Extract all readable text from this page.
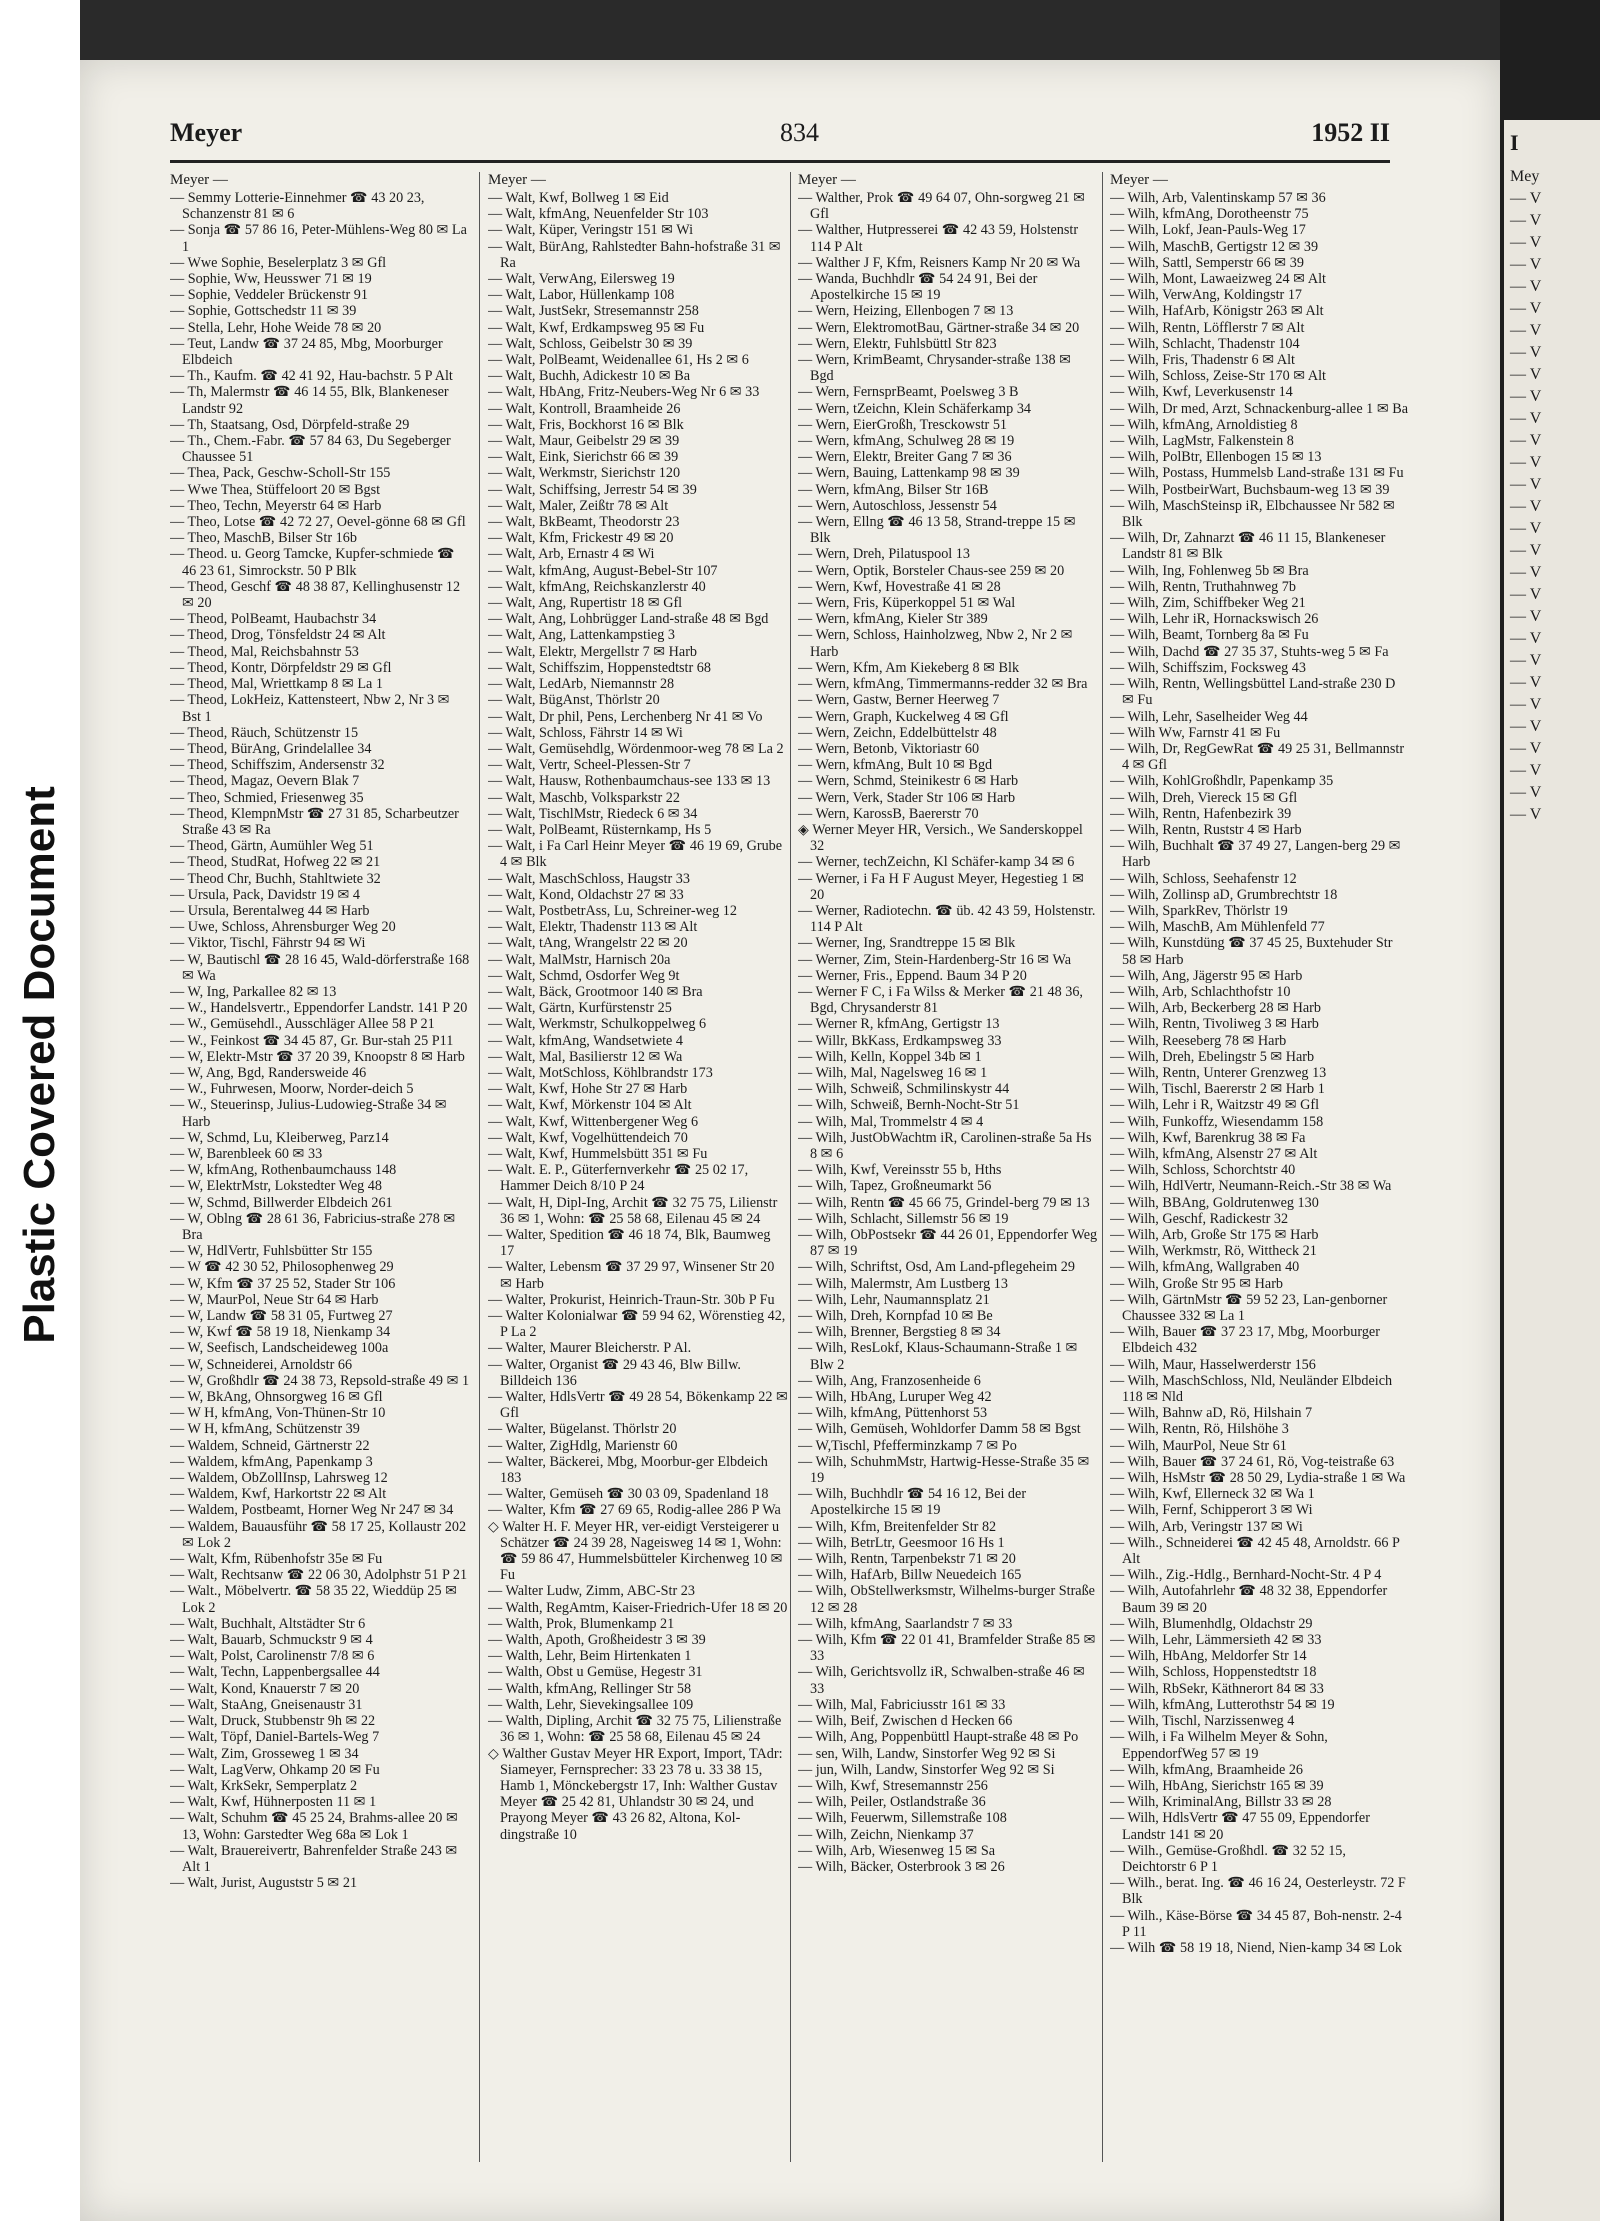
Plastic Covered Document
I
Mey
— V
— V
— V
— V
— V
— V
— V
— V
— V
— V
— V
— V
— V
— V
— V
— V
— V
— V
— V
— V
— V
— V
— V
— V
— V
— V
— V
— V
— V
Meyer	834	1952 II
Meyer —

— Semmy Lotterie-Einnehmer ☎ 43 20 23, Schanzenstr 81 ✉ 6

— Sonja ☎ 57 86 16, Peter-Mühlens-Weg 80 ✉ La 1

— Wwe Sophie, Beselerplatz 3 ✉ Gfl

— Sophie, Ww, Heusswег 71 ✉ 19

— Sophie, Veddeler Brückenstr 91

— Sophie, Gottschedstr 11 ✉ 39

— Stella, Lehr, Hohe Weide 78 ✉ 20

— Teut, Landw ☎ 37 24 85, Mbg, Moorburger Elbdeich

— Th., Kaufm. ☎ 42 41 92, Hau-bachstr. 5 P Alt

— Th, Malermstr ☎ 46 14 55, Blk, Blankeneser Landstr 92

— Th, Staatsang, Osd, Dörpfeld-straße 29

— Th., Chem.-Fabr. ☎ 57 84 63, Du Segeberger Chaussee 51

— Thea, Pack, Geschw-Scholl-Str 155

— Wwe Thea, Stüffeloort 20 ✉ Bgst

— Theo, Techn, Meyerstr 64 ✉ Harb

— Theo, Lotse ☎ 42 72 27, Oevel-gönne 68 ✉ Gfl

— Theo, MaschB, Bilser Str 16b

— Theod. u. Georg Tamcke, Kupfer-schmiede ☎ 46 23 61, Simrockstr. 50 P Blk

— Theod, Geschf ☎ 48 38 87, Kellinghusenstr 12 ✉ 20

— Theod, PolBeamt, Haubachstr 34

— Theod, Drog, Tönsfeldstr 24 ✉ Alt

— Theod, Mal, Reichsbahnstr 53

— Theod, Kontr, Dörpfeldstr 29 ✉ Gfl

— Theod, Mal, Wriettkamp 8 ✉ La 1

— Theod, LokHeiz, Kattensteert, Nbw 2, Nr 3 ✉ Bst 1

— Theod, Räuch, Schützenstr 15

— Theod, BürAng, Grindelallee 34

— Theod, Schiffszim, Andersenstr 32

— Theod, Magaz, Oevern Blak 7

— Theo, Schmied, Friesenweg 35

— Theod, KlempnMstr ☎ 27 31 85, Scharbeutzer Straße 43 ✉ Ra

— Theod, Gärtn, Aumühler Weg 51

— Theod, StudRat, Hofweg 22 ✉ 21

— Theod Chr, Buchh, Stahltwiete 32

— Ursula, Pack, Davidstr 19 ✉ 4

— Ursula, Berentalweg 44 ✉ Harb

— Uwe, Schloss, Ahrensburger Weg 20

— Viktor, Tischl, Fährstr 94 ✉ Wi

— W, Bautischl ☎ 28 16 45, Wald-dörferstraße 168 ✉ Wa

— W, Ing, Parkallee 82 ✉ 13

— W., Handelsvertr., Eppendorfer Landstr. 141 P 20

— W., Gemüsehdl., Ausschläger Allee 58 P 21

— W., Feinkost ☎ 34 45 87, Gr. Bur-stah 25 P11

— W, Elektr-Mstr ☎ 37 20 39, Knoopstr 8 ✉ Harb

— W, Ang, Bgd, Randersweide 46

— W., Fuhrwesen, Moorw, Norder-deich 5

— W., Steuerinsp, Julius-Ludowieg-Straße 34 ✉ Harb

— W, Schmd, Lu, Kleiberweg, Parz14

— W, Barenbleek 60 ✉ 33

— W, kfmAng, Rothenbaumchauss 148

— W, ElektrMstr, Lokstedter Weg 48

— W, Schmd, Billwerder Elbdeich 261

— W, Oblng ☎ 28 61 36, Fabricius-straße 278 ✉ Bra

— W, HdlVertr, Fuhlsbütter Str 155

— W ☎ 42 30 52, Philosophenweg 29

— W, Kfm ☎ 37 25 52, Stader Str 106

— W, MaurPol, Neue Str 64 ✉ Harb

— W, Landw ☎ 58 31 05, Furtweg 27

— W, Kwf ☎ 58 19 18, Nienkamp 34

— W, Seefisch, Landscheideweg 100a

— W, Schneiderei, Arnoldstr 66

— W, Großhdlr ☎ 24 38 73, Repsold-straße 49 ✉ 1

— W, BkAng, Ohnsorgweg 16 ✉ Gfl

— W H, kfmAng, Von-Thünen-Str 10

— W H, kfmAng, Schützenstr 39

— Waldem, Schneid, Gärtnerstr 22

— Waldem, kfmAng, Papenkamp 3

— Waldem, ObZollInsp, Lahrsweg 12

— Waldem, Kwf, Harkortstr 22 ✉ Alt

— Waldem, Postbeamt, Horner Weg Nr 247 ✉ 34

— Waldem, Bauausführ ☎ 58 17 25, Kollaustr 202 ✉ Lok 2

— Walt, Kfm, Rübenhofstr 35e ✉ Fu

— Walt, Rechtsanw ☎ 22 06 30, Adolphstr 51 P 21

— Walt., Möbelvertr. ☎ 58 35 22, Wieddüp 25 ✉ Lok 2

— Walt, Buchhalt, Altstädter Str 6

— Walt, Bauarb, Schmuckstr 9 ✉ 4

— Walt, Polst, Carolinenstr 7/8 ✉ 6

— Walt, Techn, Lappenbergsallee 44

— Walt, Kond, Knauerstr 7 ✉ 20

— Walt, StaAng, Gneisenaustr 31

— Walt, Druck, Stubbenstr 9h ✉ 22

— Walt, Töpf, Daniel-Bartels-Weg 7

— Walt, Zim, Grosseweg 1 ✉ 34

— Walt, LagVerw, Ohkamp 20 ✉ Fu

— Walt, KrkSekr, Semperplatz 2

— Walt, Kwf, Hühnerposten 11 ✉ 1

— Walt, Schuhm ☎ 45 25 24, Brahms-allee 20 ✉ 13, Wohn: Garstedter Weg 68a ✉ Lok 1

— Walt, Brauereivertr, Bahrenfelder Straße 243 ✉ Alt 1

— Walt, Jurist, Auguststr 5 ✉ 21

Meyer —

— Walt, Kwf, Bollweg 1 ✉ Eid

— Walt, kfmAng, Neuenfelder Str 103

— Walt, Küper, Veringstr 151 ✉ Wi

— Walt, BürAng, Rahlstedter Bahn-hofstraße 31 ✉ Ra

— Walt, VerwAng, Eilersweg 19

— Walt, Labor, Hüllenkamp 108

— Walt, JustSekr, Stresemannstr 258

— Walt, Kwf, Erdkampsweg 95 ✉ Fu

— Walt, Schloss, Geibelstr 30 ✉ 39

— Walt, PolBeamt, Weidenallee 61, Hs 2 ✉ 6

— Walt, Buchh, Adickestr 10 ✉ Ba

— Walt, HbAng, Fritz-Neubers-Weg Nr 6 ✉ 33

— Walt, Kontroll, Braamheide 26

— Walt, Fris, Bockhorst 16 ✉ Blk

— Walt, Maur, Geibelstr 29 ✉ 39

— Walt, Eink, Sierichstr 66 ✉ 39

— Walt, Werkmstr, Sierichstr 120

— Walt, Schiffsing, Jerrestr 54 ✉ 39

— Walt, Maler, Zeißtr 78 ✉ Alt

— Walt, BkBeamt, Theodorstr 23

— Walt, Kfm, Frickestr 49 ✉ 20

— Walt, Arb, Ernastr 4 ✉ Wi

— Walt, kfmAng, August-Bebel-Str 107

— Walt, kfmAng, Reichskanzlerstr 40

— Walt, Ang, Rupertistr 18 ✉ Gfl

— Walt, Ang, Lohbrügger Land-straße 48 ✉ Bgd

— Walt, Ang, Lattenkampstieg 3

— Walt, Elektr, Mergellstr 7 ✉ Harb

— Walt, Schiffszim, Hoppenstedtstr 68

— Walt, LedArb, Niemannstr 28

— Walt, BügAnst, Thörlstr 20

— Walt, Dr phil, Pens, Lerchenberg Nr 41 ✉ Vo

— Walt, Schloss, Fährstr 14 ✉ Wi

— Walt, Gemüsehdlg, Wördenmoor-weg 78 ✉ La 2

— Walt, Vertr, Scheel-Plessen-Str 7

— Walt, Hausw, Rothenbaumchaus-see 133 ✉ 13

— Walt, Maschb, Volksparkstr 22

— Walt, TischlMstr, Riedeck 6 ✉ 34

— Walt, PolBeamt, Rüsternkamp, Hs 5

— Walt, i Fa Carl Heinr Meyer ☎ 46 19 69, Grube 4 ✉ Blk

— Walt, MaschSchloss, Haugstr 33

— Walt, Kond, Oldachstr 27 ✉ 33

— Walt, PostbetrAss, Lu, Schreiner-weg 12

— Walt, Elektr, Thadenstr 113 ✉ Alt

— Walt, tAng, Wrangelstr 22 ✉ 20

— Walt, MalMstr, Harnisch 20a

— Walt, Schmd, Osdorfer Weg 9t

— Walt, Bäck, Grootmoor 140 ✉ Bra

— Walt, Gärtn, Kurfürstenstr 25

— Walt, Werkmstr, Schulkoppelweg 6

— Walt, kfmAng, Wandsetwiete 4

— Walt, Mal, Basilierstr 12 ✉ Wa

— Walt, MotSchloss, Köhlbrandstr 173

— Walt, Kwf, Hohe Str 27 ✉ Harb

— Walt, Kwf, Mörkenstr 104 ✉ Alt

— Walt, Kwf, Wittenbergener Weg 6

— Walt, Kwf, Vogelhüttendeich 70

— Walt, Kwf, Hummelsbütt 351 ✉ Fu

— Walt. E. P., Güterfernverkehr ☎ 25 02 17, Hammer Deich 8/10 P 24

— Walt, H, Dipl-Ing, Archit ☎ 32 75 75, Lilienstr 36 ✉ 1, Wohn: ☎ 25 58 68, Eilenau 45 ✉ 24

— Walter, Spedition ☎ 46 18 74, Blk, Baumweg 17

— Walter, Lebensm ☎ 37 29 97, Winsener Str 20 ✉ Harb

— Walter, Prokurist, Heinrich-Traun-Str. 30b P Fu

— Walter Kolonialwar ☎ 59 94 62, Wörenstieg 42, P La 2

— Walter, Maurer Bleicherstr. P Al.

— Walter, Organist ☎ 29 43 46, Blw Billw. Billdeich 136

— Walter, HdlsVertr ☎ 49 28 54, Bökenkamp 22 ✉ Gfl

— Walter, Bügelanst. Thörlstr 20

— Walter, ZigHdlg, Marienstr 60

— Walter, Bäckerei, Mbg, Moorbur-ger Elbdeich 183

— Walter, Gemüseh ☎ 30 03 09, Spadenland 18

— Walter, Kfm ☎ 27 69 65, Rodig-allee 286 P Wa

◇ Walter H. F. Meyer HR, ver-eidigt Versteigerer u Schätzer ☎ 24 39 28, Nageisweg 14 ✉ 1, Wohn: ☎ 59 86 47, Hummelsbütteler Kirchenweg 10 ✉ Fu

— Walter Ludw, Zimm, ABC-Str 23

— Walth, RegAmtm, Kaiser-Friedrich-Ufer 18 ✉ 20

— Walth, Prok, Blumenkamp 21

— Walth, Apoth, Großheidestr 3 ✉ 39

— Walth, Lehr, Beim Hirtenkaten 1

— Walth, Obst u Gemüse, Hegestr 31

— Walth, kfmAng, Rellinger Str 58

— Walth, Lehr, Sievekingsallee 109

— Walth, Dipling, Archit ☎ 32 75 75, Lilienstraße 36 ✉ 1, Wohn: ☎ 25 58 68, Eilenau 45 ✉ 24

◇ Walther Gustav Meyer HR Export, Import, TAdr: Siameyer, Fernsprecher: 33 23 78 u. 33 38 15, Hamb 1, Mönckebergstr 17, Inh: Walther Gustav Meyer ☎ 25 42 81, Uhlandstr 30 ✉ 24, und Prayong Meyer ☎ 43 26 82, Altona, Kol-dingstraße 10

Meyer —

— Walther, Prok ☎ 49 64 07, Ohn-sorgweg 21 ✉ Gfl

— Walther, Hutpresserei ☎ 42 43 59, Holstenstr 114 P Alt

— Walther J F, Kfm, Reisners Kamp Nr 20 ✉ Wa

— Wanda, Buchhdlr ☎ 54 24 91, Bei der Apostelkirche 15 ✉ 19

— Wern, Heizing, Ellenbogen 7 ✉ 13

— Wern, ElektromotBau, Gärtner-straße 34 ✉ 20

— Wern, Elektr, Fuhlsbüttl Str 823

— Wern, KrimBeamt, Chrysander-straße 138 ✉ Bgd

— Wern, FernsprBeamt, Poelsweg 3 B

— Wern, tZeichn, Klein Schäferkamp 34

— Wern, EierGroßh, Tresckowstr 51

— Wern, kfmAng, Schulweg 28 ✉ 19

— Wern, Elektr, Breiter Gang 7 ✉ 36

— Wern, Bauing, Lattenkamp 98 ✉ 39

— Wern, kfmAng, Bilser Str 16B

— Wern, Autoschloss, Jessenstr 54

— Wern, Ellng ☎ 46 13 58, Strand-treppe 15 ✉ Blk

— Wern, Dreh, Pilatuspool 13

— Wern, Optik, Borsteler Chaus-see 259 ✉ 20

— Wern, Kwf, Hovestraße 41 ✉ 28

— Wern, Fris, Küperkoppel 51 ✉ Wal

— Wern, kfmAng, Kieler Str 389

— Wern, Schloss, Hainholzweg, Nbw 2, Nr 2 ✉ Harb

— Wern, Kfm, Am Kiekeberg 8 ✉ Blk

— Wern, kfmAng, Timmermanns-redder 32 ✉ Bra

— Wern, Gastw, Berner Heerweg 7

— Wern, Graph, Kuckelweg 4 ✉ Gfl

— Wern, Zeichn, Eddelbüttelstr 48

— Wern, Betonb, Viktoriastr 60

— Wern, kfmAng, Bult 10 ✉ Bgd

— Wern, Schmd, Steinikestr 6 ✉ Harb

— Wern, Verk, Stader Str 106 ✉ Harb

— Wern, KarossB, Baererstr 70

◈ Werner Meyer HR, Versich., We Sanderskoppel 32

— Werner, techZeichn, Kl Schäfer-kamp 34 ✉ 6

— Werner, i Fa H F August Meyer, Hegestieg 1 ✉ 20

— Werner, Radiotechn. ☎ üb. 42 43 59, Holstenstr. 114 P Alt

— Werner, Ing, Srandtreppe 15 ✉ Blk

— Werner, Zim, Stein-Hardenberg-Str 16 ✉ Wa

— Werner, Fris., Eppend. Baum 34 P 20

— Werner F C, i Fa Wilss & Merker ☎ 21 48 36, Bgd, Chrysanderstr 81

— Werner R, kfmAng, Gertigstr 13

— Willr, BkKass, Erdkampsweg 33

— Wilh, Kelln, Koppel 34b ✉ 1

— Wilh, Mal, Nagelsweg 16 ✉ 1

— Wilh, Schweiß, Schmilinskystr 44

— Wilh, Schweiß, Bernh-Nocht-Str 51

— Wilh, Mal, Trommelstr 4 ✉ 4

— Wilh, JustObWachtm iR, Carolinen-straße 5a Hs 8 ✉ 6

— Wilh, Kwf, Vereinsstr 55 b, Hths

— Wilh, Tapez, Großneumarkt 56

— Wilh, Rentn ☎ 45 66 75, Grindel-berg 79 ✉ 13

— Wilh, Schlacht, Sillemstr 56 ✉ 19

— Wilh, ObPostsekr ☎ 44 26 01, Eppendorfer Weg 87 ✉ 19

— Wilh, Schriftst, Osd, Am Land-pflegeheim 29

— Wilh, Malermstr, Am Lustberg 13

— Wilh, Lehr, Naumannsplatz 21

— Wilh, Dreh, Kornpfad 10 ✉ Be

— Wilh, Brenner, Bergstieg 8 ✉ 34

— Wilh, ResLokf, Klaus-Schaumann-Straße 1 ✉ Blw 2

— Wilh, Ang, Franzosenheide 6

— Wilh, HbAng, Luruper Weg 42

— Wilh, kfmAng, Püttenhorst 53

— Wilh, Gemüseh, Wohldorfer Damm 58 ✉ Bgst

— W,Tischl, Pfefferminzkamp 7 ✉ Po

— Wilh, SchuhmMstr, Hartwig-Hesse-Straße 35 ✉ 19

— Wilh, Buchhdlr ☎ 54 16 12, Bei der Apostelkirche 15 ✉ 19

— Wilh, Kfm, Breitenfelder Str 82

— Wilh, BetrLtr, Geesmoor 16 Hs 1

— Wilh, Rentn, Tarpenbekstr 71 ✉ 20

— Wilh, HafArb, Billw Neuedeich 165

— Wilh, ObStellwerksmstr, Wilhelms-burger Straße 12 ✉ 28

— Wilh, kfmAng, Saarlandstr 7 ✉ 33

— Wilh, Kfm ☎ 22 01 41, Bramfelder Straße 85 ✉ 33

— Wilh, Gerichtsvollz iR, Schwalben-straße 46 ✉ 33

— Wilh, Mal, Fabriciusstr 161 ✉ 33

— Wilh, Beif, Zwischen d Hecken 66

— Wilh, Ang, Poppenbüttl Haupt-straße 48 ✉ Po

— sen, Wilh, Landw, Sinstorfer Weg 92 ✉ Si

— jun, Wilh, Landw, Sinstorfer Weg 92 ✉ Si

— Wilh, Kwf, Stresemannstr 256

— Wilh, Peiler, Ostlandstraße 36

— Wilh, Feuerwm, Sillemstraße 108

— Wilh, Zeichn, Nienkamp 37

— Wilh, Arb, Wiesenweg 15 ✉ Sa

— Wilh, Bäcker, Osterbrook 3 ✉ 26

Meyer —

— Wilh, Arb, Valentinskamp 57 ✉ 36

— Wilh, kfmAng, Dorotheenstr 75

— Wilh, Lokf, Jean-Pauls-Weg 17

— Wilh, MaschB, Gertigstr 12 ✉ 39

— Wilh, Sattl, Semperstr 66 ✉ 39

— Wilh, Mont, Lawaeizweg 24 ✉ Alt

— Wilh, VerwAng, Koldingstr 17

— Wilh, HafArb, Königstr 263 ✉ Alt

— Wilh, Rentn, Löfflerstr 7 ✉ Alt

— Wilh, Schlacht, Thadenstr 104

— Wilh, Fris, Thadenstr 6 ✉ Alt

— Wilh, Schloss, Zeise-Str 170 ✉ Alt

— Wilh, Kwf, Leverkusenstr 14

— Wilh, Dr med, Arzt, Schnackenburg-allee 1 ✉ Ba

— Wilh, kfmAng, Arnoldistieg 8

— Wilh, LagMstr, Falkenstein 8

— Wilh, PolBtr, Ellenbogen 15 ✉ 13

— Wilh, Postass, Hummelsb Land-straße 131 ✉ Fu

— Wilh, PostbeirWart, Buchsbaum-weg 13 ✉ 39

— Wilh, MaschSteinsp iR, Elbchaussee Nr 582 ✉ Blk

— Wilh, Dr, Zahnarzt ☎ 46 11 15, Blankeneser Landstr 81 ✉ Blk

— Wilh, Ing, Fohlenweg 5b ✉ Bra

— Wilh, Rentn, Truthahnweg 7b

— Wilh, Zim, Schiffbeker Weg 21

— Wilh, Lehr iR, Hornackswisch 26

— Wilh, Beamt, Tornberg 8a ✉ Fu

— Wilh, Dachd ☎ 27 35 37, Stuhts-weg 5 ✉ Fa

— Wilh, Schiffszim, Focksweg 43

— Wilh, Rentn, Wellingsbüttel Land-straße 230 D ✉ Fu

— Wilh, Lehr, Saselheider Weg 44

— Wilh Ww, Farnstr 41 ✉ Fu

— Wilh, Dr, RegGewRat ☎ 49 25 31, Bellmannstr 4 ✉ Gfl

— Wilh, KohlGroßhdlr, Papenkamp 35

— Wilh, Dreh, Viereck 15 ✉ Gfl

— Wilh, Rentn, Hafenbezirk 39

— Wilh, Rentn, Ruststr 4 ✉ Harb

— Wilh, Buchhalt ☎ 37 49 27, Langen-berg 29 ✉ Harb

— Wilh, Schloss, Seehafenstr 12

— Wilh, Zollinsp aD, Grumbrechtstr 18

— Wilh, SparkRev, Thörlstr 19

— Wilh, MaschB, Am Mühlenfeld 77

— Wilh, Kunstdüng ☎ 37 45 25, Buxtehuder Str 58 ✉ Harb

— Wilh, Ang, Jägerstr 95 ✉ Harb

— Wilh, Arb, Schlachthofstr 10

— Wilh, Arb, Beckerberg 28 ✉ Harb

— Wilh, Rentn, Tivoliweg 3 ✉ Harb

— Wilh, Reeseberg 78 ✉ Harb

— Wilh, Dreh, Ebelingstr 5 ✉ Harb

— Wilh, Rentn, Unterer Grenzweg 13

— Wilh, Tischl, Baererstr 2 ✉ Harb 1

— Wilh, Lehr i R, Waitzstr 49 ✉ Gfl

— Wilh, Funkoffz, Wiesendamm 158

— Wilh, Kwf, Barenkrug 38 ✉ Fa

— Wilh, kfmAng, Alsenstr 27 ✉ Alt

— Wilh, Schloss, Schorchtstr 40

— Wilh, HdlVertr, Neumann-Reich.-Str 38 ✉ Wa

— Wilh, BBAng, Goldrutenweg 130

— Wilh, Geschf, Radickestr 32

— Wilh, Arb, Große Str 175 ✉ Harb

— Wilh, Werkmstr, Rö, Wittheck 21

— Wilh, kfmAng, Wallgraben 40

— Wilh, Große Str 95 ✉ Harb

— Wilh, GärtnMstr ☎ 59 52 23, Lan-genborner Chaussee 332 ✉ La 1

— Wilh, Bauer ☎ 37 23 17, Mbg, Moorburger Elbdeich 432

— Wilh, Maur, Hasselwerderstr 156

— Wilh, MaschSchloss, Nld, Neuländer Elbdeich 118 ✉ Nld

— Wilh, Bahnw aD, Rö, Hilshain 7

— Wilh, Rentn, Rö, Hilshöhe 3

— Wilh, MaurPol, Neue Str 61

— Wilh, Bauer ☎ 37 24 61, Rö, Vog-teistraße 63

— Wilh, HsMstr ☎ 28 50 29, Lydia-straße 1 ✉ Wa

— Wilh, Kwf, Ellerneck 32 ✉ Wa 1

— Wilh, Fernf, Schipperort 3 ✉ Wi

— Wilh, Arb, Veringstr 137 ✉ Wi

— Wilh., Schneiderei ☎ 42 45 48, Arnoldstr. 66 P Alt

— Wilh., Zig.-Hdlg., Bernhard-Nocht-Str. 4 P 4

— Wilh, Autofahrlehr ☎ 48 32 38, Eppendorfer Baum 39 ✉ 20

— Wilh, Blumenhdlg, Oldachstr 29

— Wilh, Lehr, Lämmersieth 42 ✉ 33

— Wilh, HbAng, Meldorfer Str 14

— Wilh, Schloss, Hoppenstedtstr 18

— Wilh, RbSekr, Käthnerort 84 ✉ 33

— Wilh, kfmAng, Lutterothstr 54 ✉ 19

— Wilh, Tischl, Narzissenweg 4

— Wilh, i Fa Wilhelm Meyer & Sohn, EppendorfWeg 57 ✉ 19

— Wilh, kfmAng, Braamheide 26

— Wilh, HbAng, Sierichstr 165 ✉ 39

— Wilh, KriminalAng, Billstr 33 ✉ 28

— Wilh, HdlsVertr ☎ 47 55 09, Eppendorfer Landstr 141 ✉ 20

— Wilh., Gemüse-Großhdl. ☎ 32 52 15, Deichtorstr 6 P 1

— Wilh., berat. Ing. ☎ 46 16 24, Oesterleystr. 72 F Blk

— Wilh., Käse-Börse ☎ 34 45 87, Boh-nenstr. 2-4 P 11

— Wilh ☎ 58 19 18, Niend, Nien-kamp 34 ✉ Lok
